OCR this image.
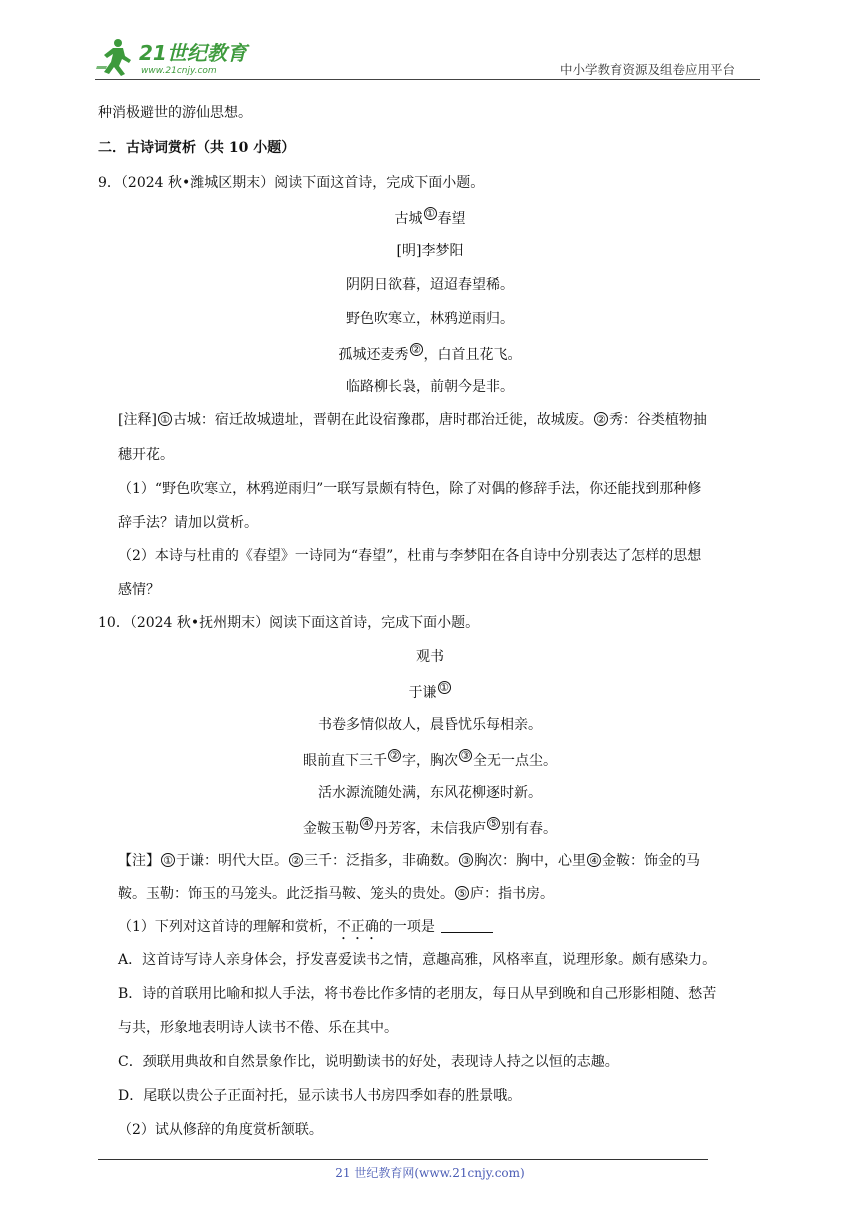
21世纪教育
www.21cnjy.com	中小学教育资源及组卷应用平台
种消极避世的游仙思想。
二．古诗词赏析（共 10 小题）
9．（2024 秋•潍城区期末）阅读下面这首诗，完成下面小题。
古城 ① 春望
[明]李梦阳
阴阴日欲暮，迢迢春望稀。
野色吹寒立，林鸦逆雨归。
孤城还麦秀 ② ，白首且花飞。
临路柳长袅，前朝今是非。
[注释] ① 古城：宿迁故城遗址，晋朝在此设宿豫郡，唐时郡治迁徙，故城废。 ② 秀：谷类植物抽
穗开花。
（1）“野色吹寒立，林鸦逆雨归”一联写景颇有特色，除了对偶的修辞手法，你还能找到那种修
辞手法？请加以赏析。
（2）本诗与杜甫的《春望》一诗同为“春望”，杜甫与李梦阳在各自诗中分别表达了怎样的思想
感情？
10．（2024 秋•抚州期末）阅读下面这首诗，完成下面小题。
观书
于谦 ①
书卷多情似故人，晨昏忧乐每相亲。
眼前直下三千 ② 字，胸次 ③ 全无一点尘。
活水源流随处满，东风花柳逐时新。
金鞍玉勒 ④ 丹芳客，未信我庐 ⑤ 别有春。
【注】 ① 于谦：明代大臣。 ② 三千：泛指多，非确数。 ③ 胸次：胸中，心里 ④ 金鞍：饰金的马
鞍。玉勒：饰玉的马笼头。此泛指马鞍、笼头的贵处。 ⑤ 庐：指书房。
（1）下列对这首诗的理解和赏析，不正确的一项是
A．这首诗写诗人亲身体会，抒发喜爱读书之情，意趣高雅，风格率直，说理形象。颇有感染力。
B．诗的首联用比喻和拟人手法，将书卷比作多情的老朋友，每日从早到晚和自己形影相随、愁苦
与共，形象地表明诗人读书不倦、乐在其中。
C．颈联用典故和自然景象作比，说明勤读书的好处，表现诗人持之以恒的志趣。
D．尾联以贵公子正面衬托，显示读书人书房四季如春的胜景哦。
（2）试从修辞的角度赏析颔联。
21 世纪教育网(www.21cnjy.com)
